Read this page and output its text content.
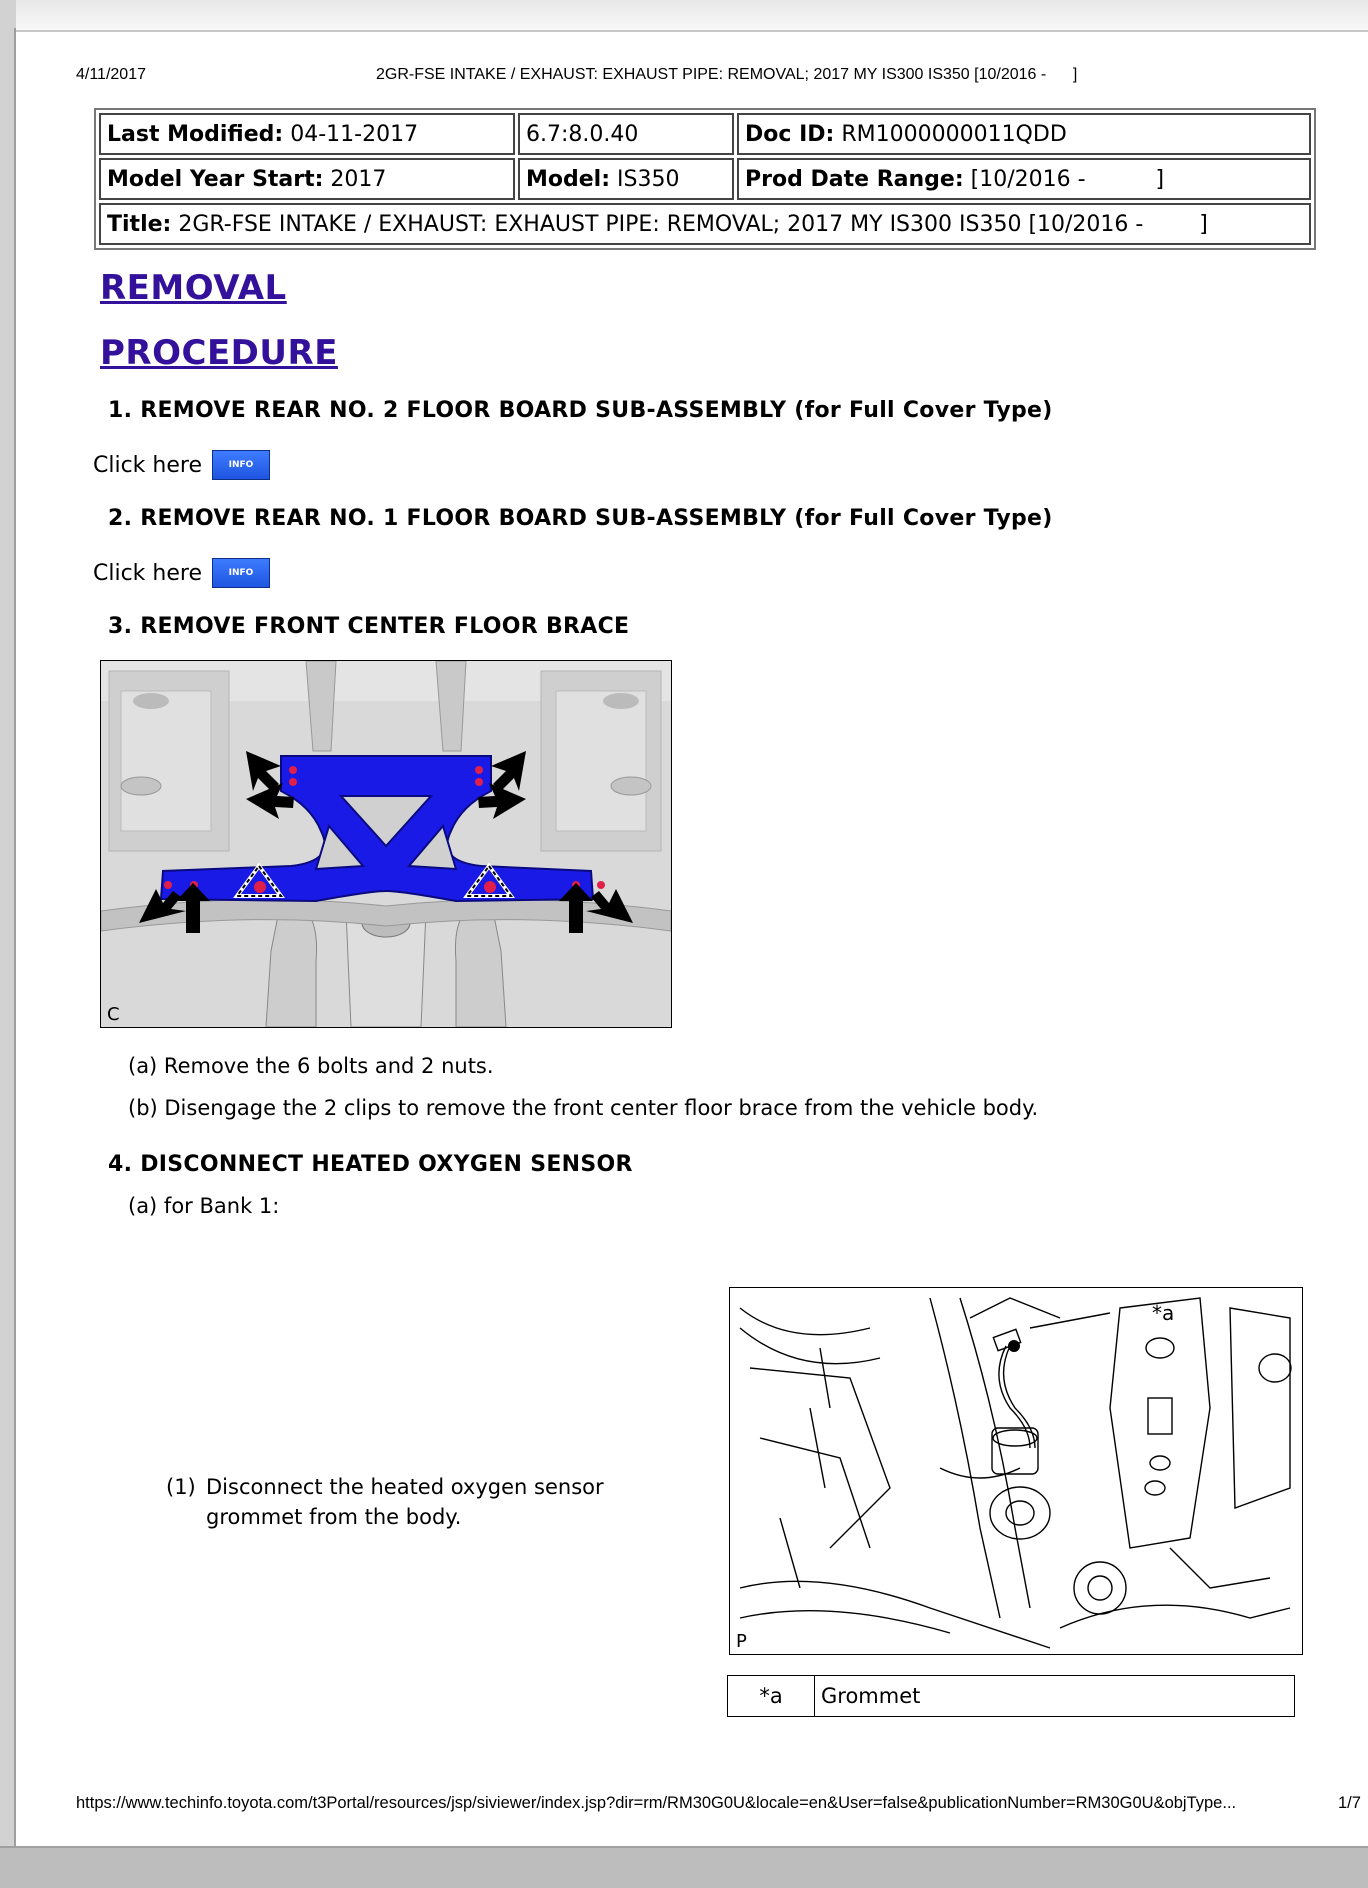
4/11/2017	2GR-FSE INTAKE / EXHAUST: EXHAUST PIPE: REMOVAL; 2017 MY IS300 IS350 [10/2016 -      ]
Last Modified: 04-11-2017	6.7:8.0.40	Doc ID: RM1000000011QDD
Model Year Start: 2017	Model: IS350	Prod Date Range: [10/2016 -          ]
Title: 2GR-FSE INTAKE / EXHAUST: EXHAUST PIPE: REMOVAL; 2017 MY IS300 IS350 [10/2016 -        ]		
REMOVAL
PROCEDURE
1. REMOVE REAR NO. 2 FLOOR BOARD SUB-ASSEMBLY (for Full Cover Type)
Click here	INFO
2. REMOVE REAR NO. 1 FLOOR BOARD SUB-ASSEMBLY (for Full Cover Type)
Click here	INFO
3. REMOVE FRONT CENTER FLOOR BRACE
C
(a) Remove the 6 bolts and 2 nuts.
(b) Disengage the 2 clips to remove the front center floor brace from the vehicle body.
4. DISCONNECT HEATED OXYGEN SENSOR
(a) for Bank 1:
(1) Disconnect the heated oxygen sensor grommet from the body.
*a
P
*a	Grommet
https://www.techinfo.toyota.com/t3Portal/resources/jsp/siviewer/index.jsp?dir=rm/RM30G0U&locale=en&User=false&publicationNumber=RM30G0U&objType...	1/7
